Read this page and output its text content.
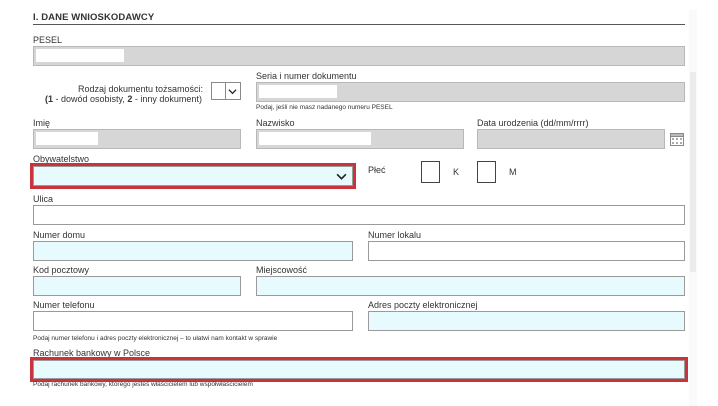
I. DANE WNIOSKODAWCY
PESEL
Rodzaj dokumentu tożsamości:
(1 - dowód osobisty, 2 - inny dokument)
Seria i numer dokumentu
Podaj, jeśli nie masz nadanego numeru PESEL
Imię	Nazwisko	Data urodzenia (dd/mm/rrrr)
Obywatelstwo
Płeć	K	M
Ulica
Numer domu	Numer lokalu
Kod pocztowy	Miejscowość
Numer telefonu	Adres poczty elektronicznej
Podaj numer telefonu i adres poczty elektronicznej – to ułatwi nam kontakt w sprawie
Rachunek bankowy w Polsce
Podaj rachunek bankowy, którego jesteś właścicielem lub współwłaścicielem
